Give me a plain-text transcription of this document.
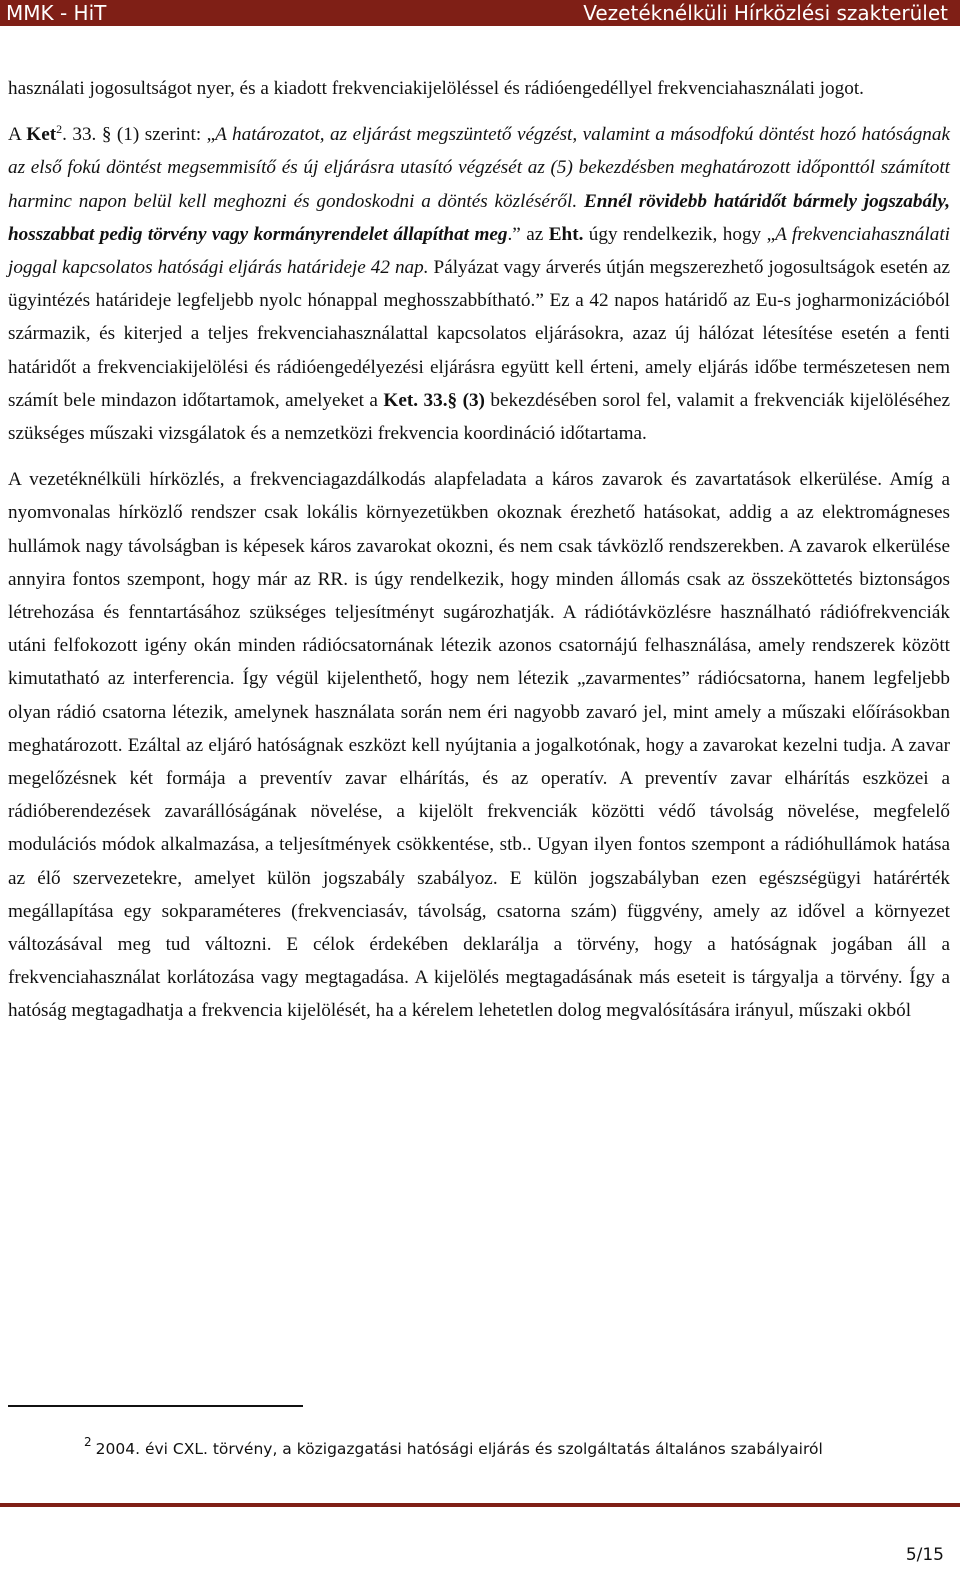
MMK - HiT	Vezetéknélküli Hírközlési szakterület

használati jogosultságot nyer, és a kiadott frekvenciakijelöléssel és rádióengedéllyel frekvenciahasználati jogot.

A Ket$^2$. 33. § (1) szerint: „A határozatot, az eljárást megszüntető végzést, valamint a másodfokú döntést hozó hatóságnak az első fokú döntést megsemmisítő és új eljárásra utasító végzését az (5) bekezdésben meghatározott időponttól számított harminc napon belül kell meghozni és gondoskodni a döntés közléséről. Ennél rövidebb határidőt bármely jogszabály, hosszabbat pedig törvény vagy kormányrendelet állapíthat meg.” az Eht. úgy rendelkezik, hogy „A frekvenciahasználati joggal kapcsolatos hatósági eljárás határideje 42 nap. Pályázat vagy árverés útján megszerezhető jogosultságok esetén az ügyintézés határideje legfeljebb nyolc hónappal meghosszabbítható.” Ez a 42 napos határidő az Eu-s jogharmonizációból származik, és kiterjed a teljes frekvenciahasználattal kapcsolatos eljárásokra, azaz új hálózat létesítése esetén a fenti határidőt a frekvenciakijelölési és rádióengedélyezési eljárásra együtt kell érteni, amely eljárás időbe természetesen nem számít bele mindazon időtartamok, amelyeket a Ket. 33.§ (3) bekezdésében sorol fel, valamit a frekvenciák kijelöléséhez szükséges műszaki vizsgálatok és a nemzetközi frekvencia koordináció időtartama.

A vezetéknélküli hírközlés, a frekvenciagazdálkodás alapfeladata a káros zavarok és zavartatások elkerülése. Amíg a nyomvonalas hírközlő rendszer csak lokális környezetükben okoznak érezhető hatásokat, addig a az elektromágneses hullámok nagy távolságban is képesek káros zavarokat okozni, és nem csak távközlő rendszerekben. A zavarok elkerülése annyira fontos szempont, hogy már az RR. is úgy rendelkezik, hogy minden állomás csak az összeköttetés biztonságos létrehozása és fenntartásához szükséges teljesítményt sugározhatják. A rádiótávközlésre használható rádiófrekvenciák utáni felfokozott igény okán minden rádiócsatornának létezik azonos csatornájú felhasználása, amely rendszerek között kimutatható az interferencia. Így végül kijelenthető, hogy nem létezik „zavarmentes” rádiócsatorna, hanem legfeljebb olyan rádió csatorna létezik, amelynek használata során nem éri nagyobb zavaró jel, mint amely a műszaki előírásokban meghatározott. Ezáltal az eljáró hatóságnak eszközt kell nyújtania a jogalkotónak, hogy a zavarokat kezelni tudja. A zavar megelőzésnek két formája a preventív zavar elhárítás, és az operatív. A preventív zavar elhárítás eszközei a rádióberendezések zavarállóságának növelése, a kijelölt frekvenciák közötti védő távolság növelése, megfelelő modulációs módok alkalmazása, a teljesítmények csökkentése, stb.. Ugyan ilyen fontos szempont a rádióhullámok hatása az élő szervezetekre, amelyet külön jogszabály szabályoz. E külön jogszabályban ezen egészségügyi határérték megállapítása egy sokparaméteres (frekvenciasáv, távolság, csatorna szám) függvény, amely az idővel a környezet változásával meg tud változni. E célok érdekében deklarálja a törvény, hogy a hatóságnak jogában áll a frekvenciahasználat korlátozása vagy megtagadása. A kijelölés megtagadásának más eseteit is tárgyalja a törvény. Így a hatóság megtagadhatja a frekvencia kijelölését, ha a kérelem lehetetlen dolog megvalósítására irányul, műszaki okból

$^2$ 2004. évi CXL. törvény, a közigazgatási hatósági eljárás és szolgáltatás általános szabályairól
5/15
